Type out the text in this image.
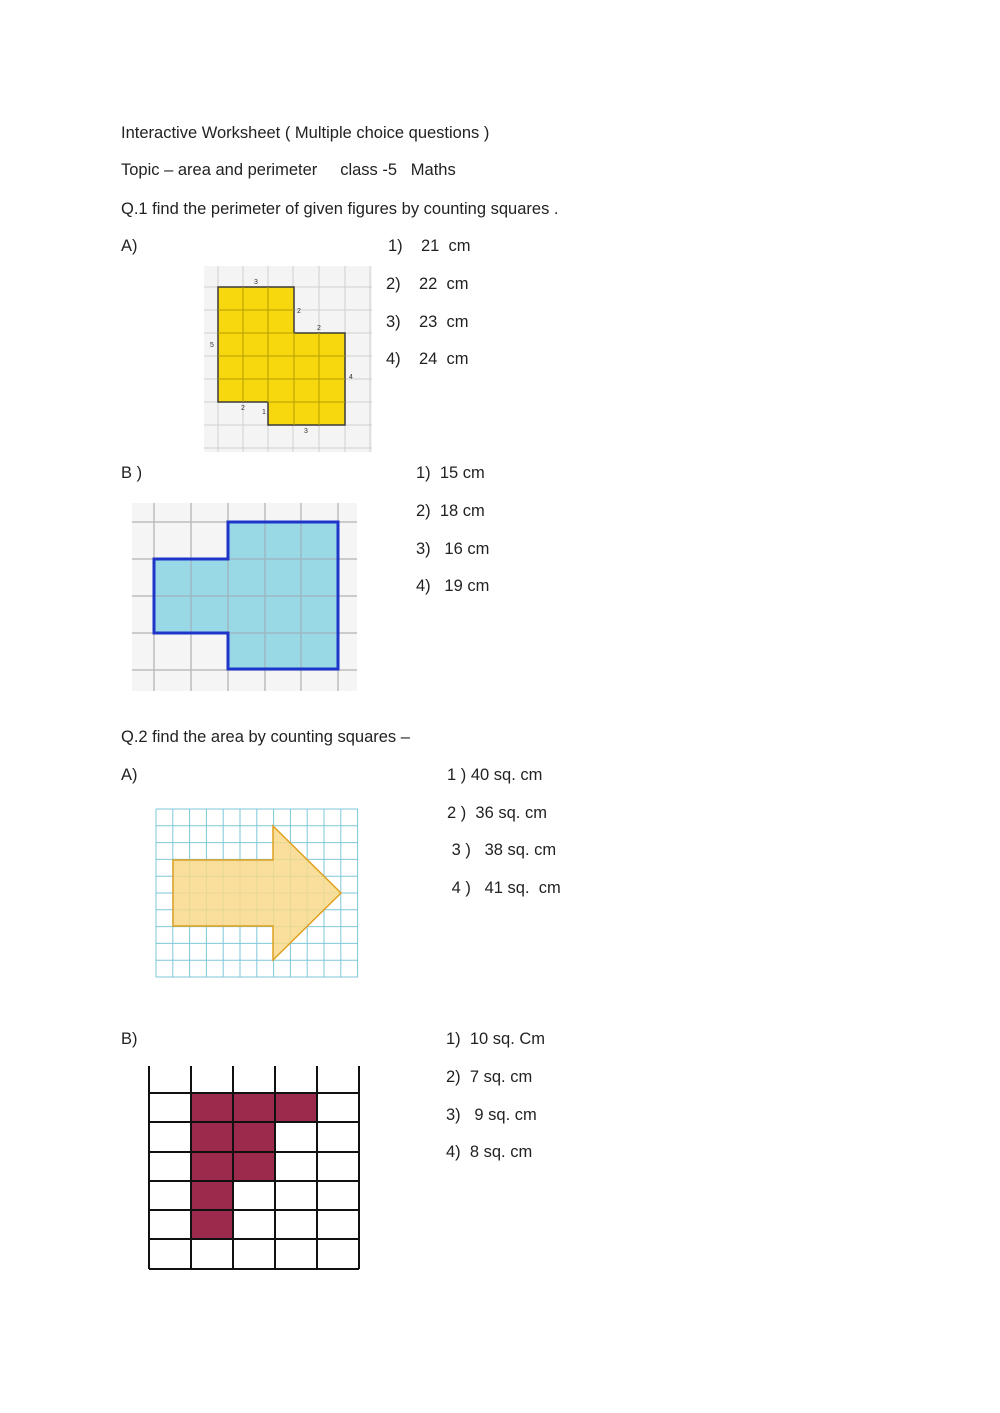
Interactive Worksheet ( Multiple choice questions )
Topic – area and perimeter     class -5   Maths
Q.1 find the perimeter of given figures by counting squares .
A)	1)    21  cm
2)    22  cm
3)    23  cm
4)    24  cm
3
2
2
5
4
2
1
3
B )	1)  15 cm
2)  18 cm
3)   16 cm
4)   19 cm
Q.2 find the area by counting squares –
A)	1 ) 40 sq. cm
2 )  36 sq. cm
3 )   38 sq. cm
4 )   41 sq.  cm
B)	1)  10 sq. Cm
2)  7 sq. cm
3)   9 sq. cm
4)  8 sq. cm
